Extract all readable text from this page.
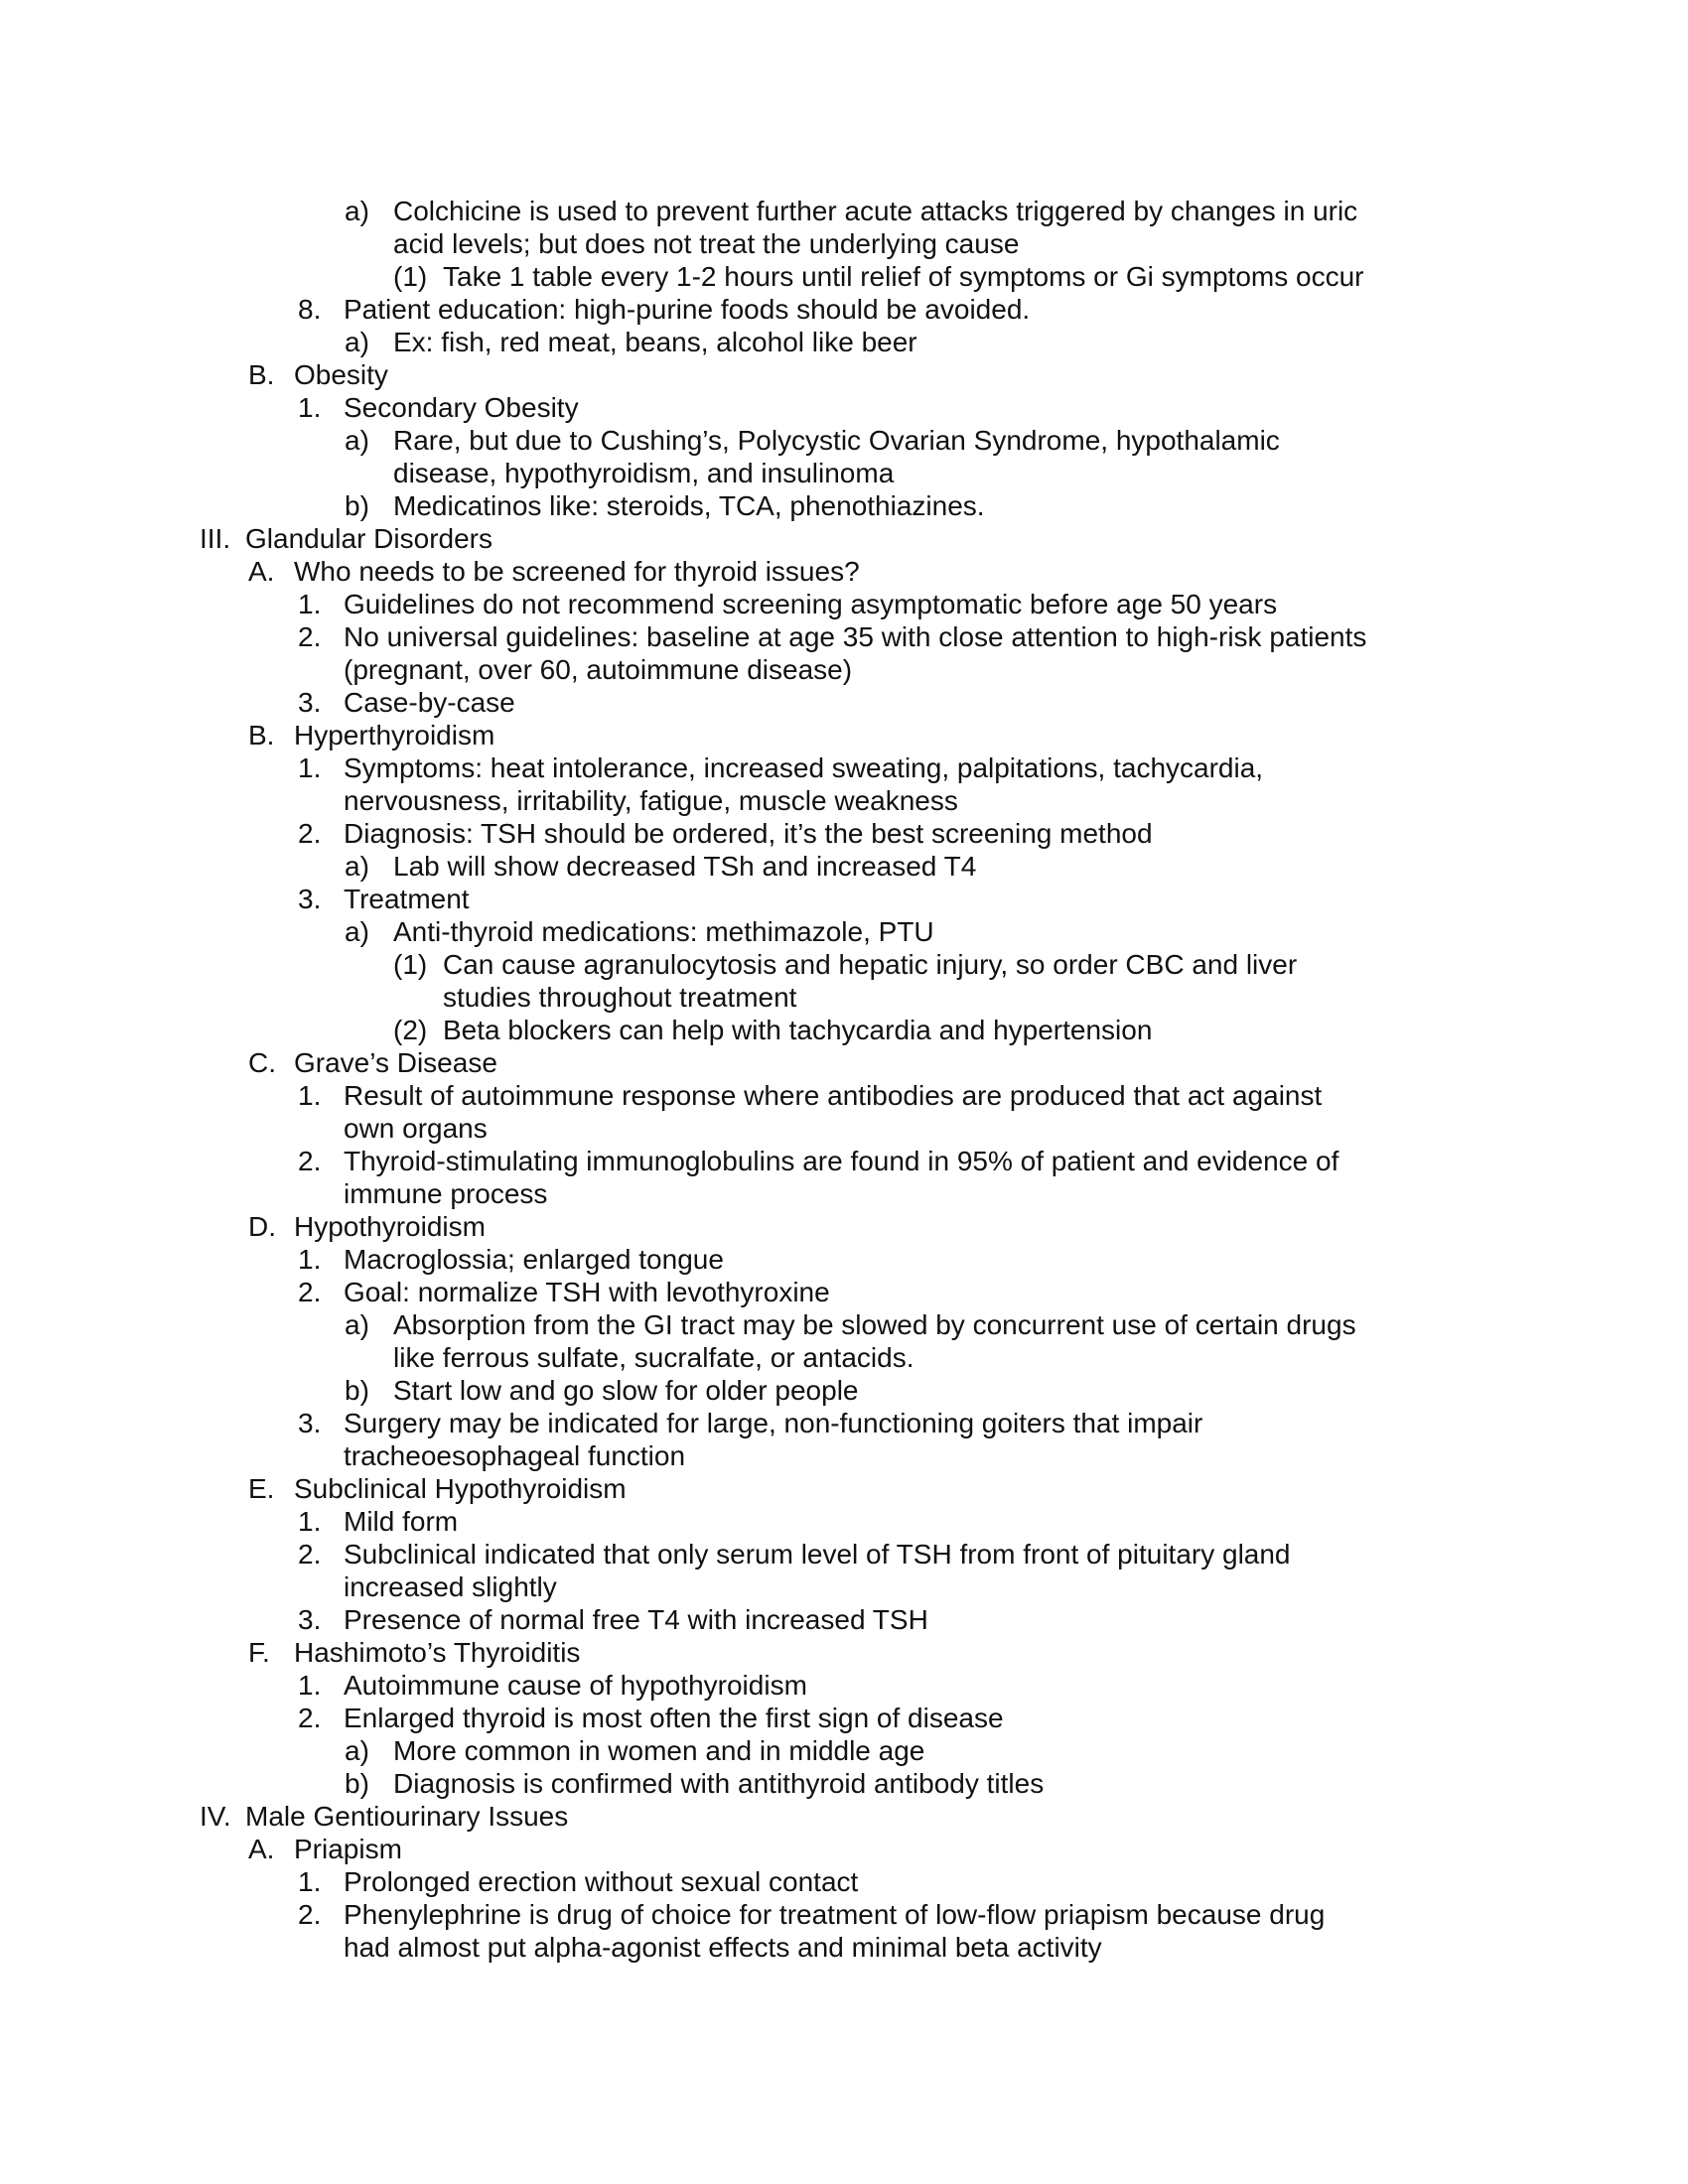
a) Colchicine is used to prevent further acute attacks triggered by changes in uric
acid levels; but does not treat the underlying cause
(1) Take 1 table every 1-2 hours until relief of symptoms or Gi symptoms occur
8. Patient education: high-purine foods should be avoided.
a) Ex: fish, red meat, beans, alcohol like beer
B. Obesity
1. Secondary Obesity
a) Rare, but due to Cushing’s, Polycystic Ovarian Syndrome, hypothalamic
disease, hypothyroidism, and insulinoma
b) Medicatinos like: steroids, TCA, phenothiazines.
III. Glandular Disorders
A. Who needs to be screened for thyroid issues?
1. Guidelines do not recommend screening asymptomatic before age 50 years
2. No universal guidelines: baseline at age 35 with close attention to high-risk patients
(pregnant, over 60, autoimmune disease)
3. Case-by-case
B. Hyperthyroidism
1. Symptoms: heat intolerance, increased sweating, palpitations, tachycardia,
nervousness, irritability, fatigue, muscle weakness
2. Diagnosis: TSH should be ordered, it’s the best screening method
a) Lab will show decreased TSh and increased T4
3. Treatment
a) Anti-thyroid medications: methimazole, PTU
(1) Can cause agranulocytosis and hepatic injury, so order CBC and liver
studies throughout treatment
(2) Beta blockers can help with tachycardia and hypertension
C. Grave’s Disease
1. Result of autoimmune response where antibodies are produced that act against
own organs
2. Thyroid-stimulating immunoglobulins are found in 95% of patient and evidence of
immune process
D. Hypothyroidism
1. Macroglossia; enlarged tongue
2. Goal: normalize TSH with levothyroxine
a) Absorption from the GI tract may be slowed by concurrent use of certain drugs
like ferrous sulfate, sucralfate, or antacids.
b) Start low and go slow for older people
3. Surgery may be indicated for large, non-functioning goiters that impair
tracheoesophageal function
E. Subclinical Hypothyroidism
1. Mild form
2. Subclinical indicated that only serum level of TSH from front of pituitary gland
increased slightly
3. Presence of normal free T4 with increased TSH
F. Hashimoto’s Thyroiditis
1. Autoimmune cause of hypothyroidism
2. Enlarged thyroid is most often the first sign of disease
a) More common in women and in middle age
b) Diagnosis is confirmed with antithyroid antibody titles
IV. Male Gentiourinary Issues
A. Priapism
1. Prolonged erection without sexual contact
2. Phenylephrine is drug of choice for treatment of low-flow priapism because drug
had almost put alpha-agonist effects and minimal beta activity
